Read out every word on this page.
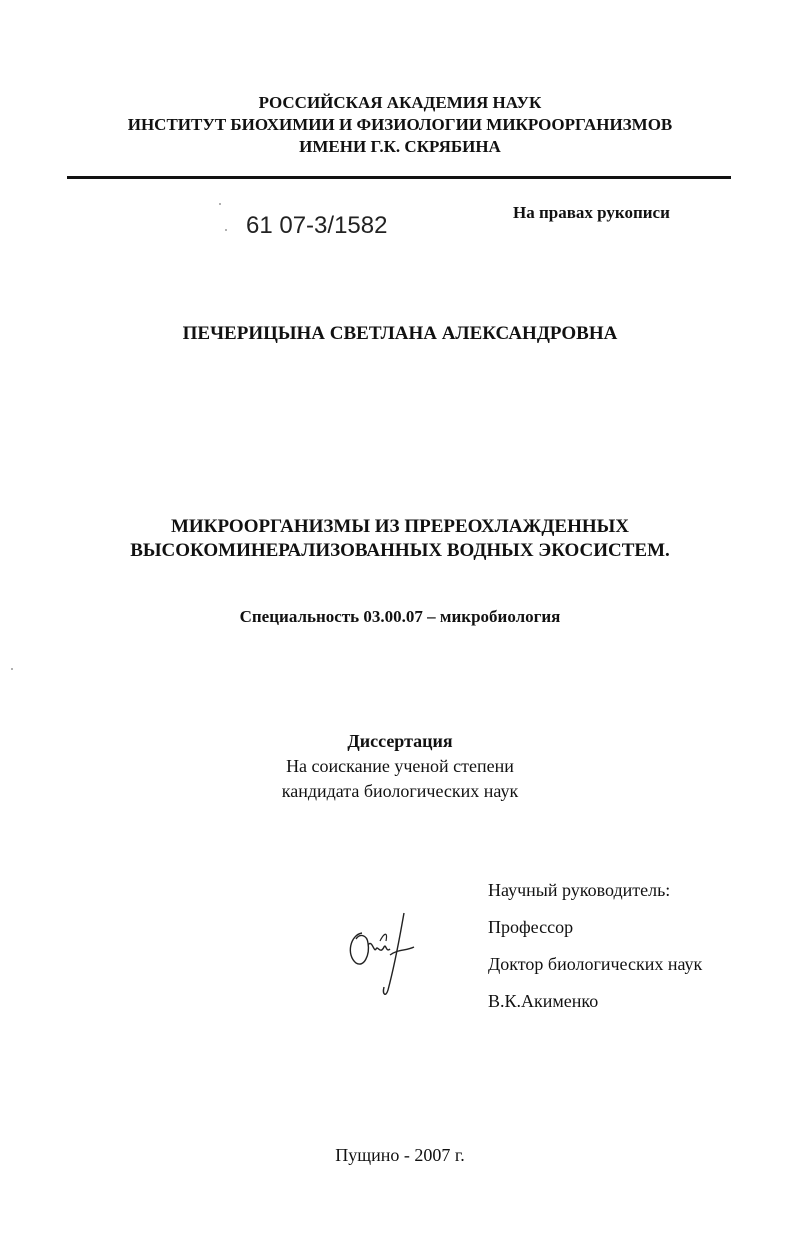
РОССИЙСКАЯ АКАДЕМИЯ НАУК
ИНСТИТУТ БИОХИМИИ И ФИЗИОЛОГИИ МИКРООРГАНИЗМОВ
ИМЕНИ Г.К. СКРЯБИНА
61 07-3/1582	На правах рукописи
ПЕЧЕРИЦЫНА СВЕТЛАНА АЛЕКСАНДРОВНА
МИКРООРГАНИЗМЫ ИЗ ПРЕРЕОХЛАЖДЕННЫХ
ВЫСОКОМИНЕРАЛИЗОВАННЫХ ВОДНЫХ ЭКОСИСТЕМ.
Специальность 03.00.07 – микробиология
Диссертация
На соискание ученой степени
кандидата биологических наук
Научный руководитель:
Профессор
Доктор биологических наук
В.К.Акименко
Пущино - 2007 г.
